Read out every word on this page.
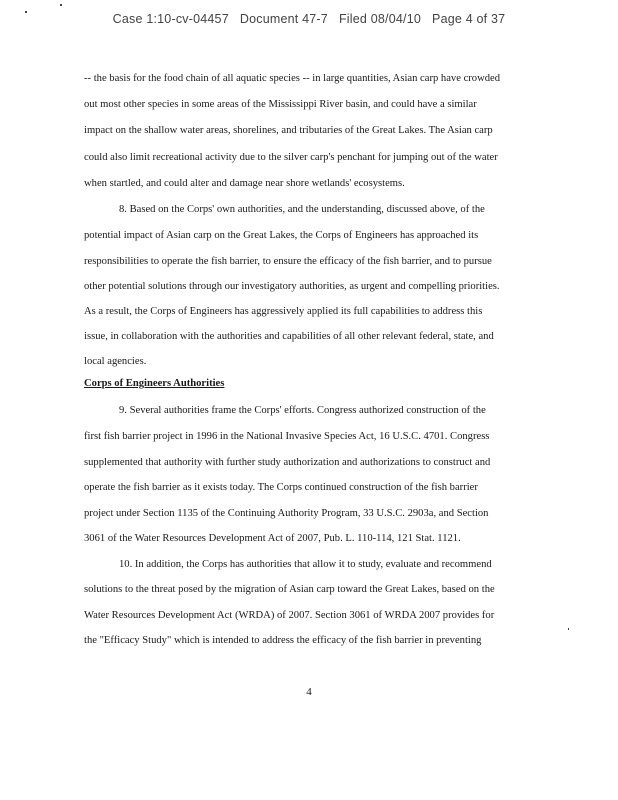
Case 1:10-cv-04457 Document 47-7 Filed 08/04/10 Page 4 of 37
-- the basis for the food chain of all aquatic species -- in large quantities, Asian carp have crowded
out most other species in some areas of the Mississippi River basin, and could have a similar
impact on the shallow water areas, shorelines, and tributaries of the Great Lakes. The Asian carp
could also limit recreational activity due to the silver carp's penchant for jumping out of the water
when startled, and could alter and damage near shore wetlands' ecosystems.
8. Based on the Corps' own authorities, and the understanding, discussed above, of the
potential impact of Asian carp on the Great Lakes, the Corps of Engineers has approached its
responsibilities to operate the fish barrier, to ensure the efficacy of the fish barrier, and to pursue
other potential solutions through our investigatory authorities, as urgent and compelling priorities.
As a result, the Corps of Engineers has aggressively applied its full capabilities to address this
issue, in collaboration with the authorities and capabilities of all other relevant federal, state, and
local agencies.
Corps of Engineers Authorities
9. Several authorities frame the Corps' efforts. Congress authorized construction of the
first fish barrier project in 1996 in the National Invasive Species Act, 16 U.S.C. 4701. Congress
supplemented that authority with further study authorization and authorizations to construct and
operate the fish barrier as it exists today. The Corps continued construction of the fish barrier
project under Section 1135 of the Continuing Authority Program, 33 U.S.C. 2903a, and Section
3061 of the Water Resources Development Act of 2007, Pub. L. 110-114, 121 Stat. 1121.
10. In addition, the Corps has authorities that allow it to study, evaluate and recommend
solutions to the threat posed by the migration of Asian carp toward the Great Lakes, based on the
Water Resources Development Act (WRDA) of 2007. Section 3061 of WRDA 2007 provides for
the "Efficacy Study" which is intended to address the efficacy of the fish barrier in preventing
4
